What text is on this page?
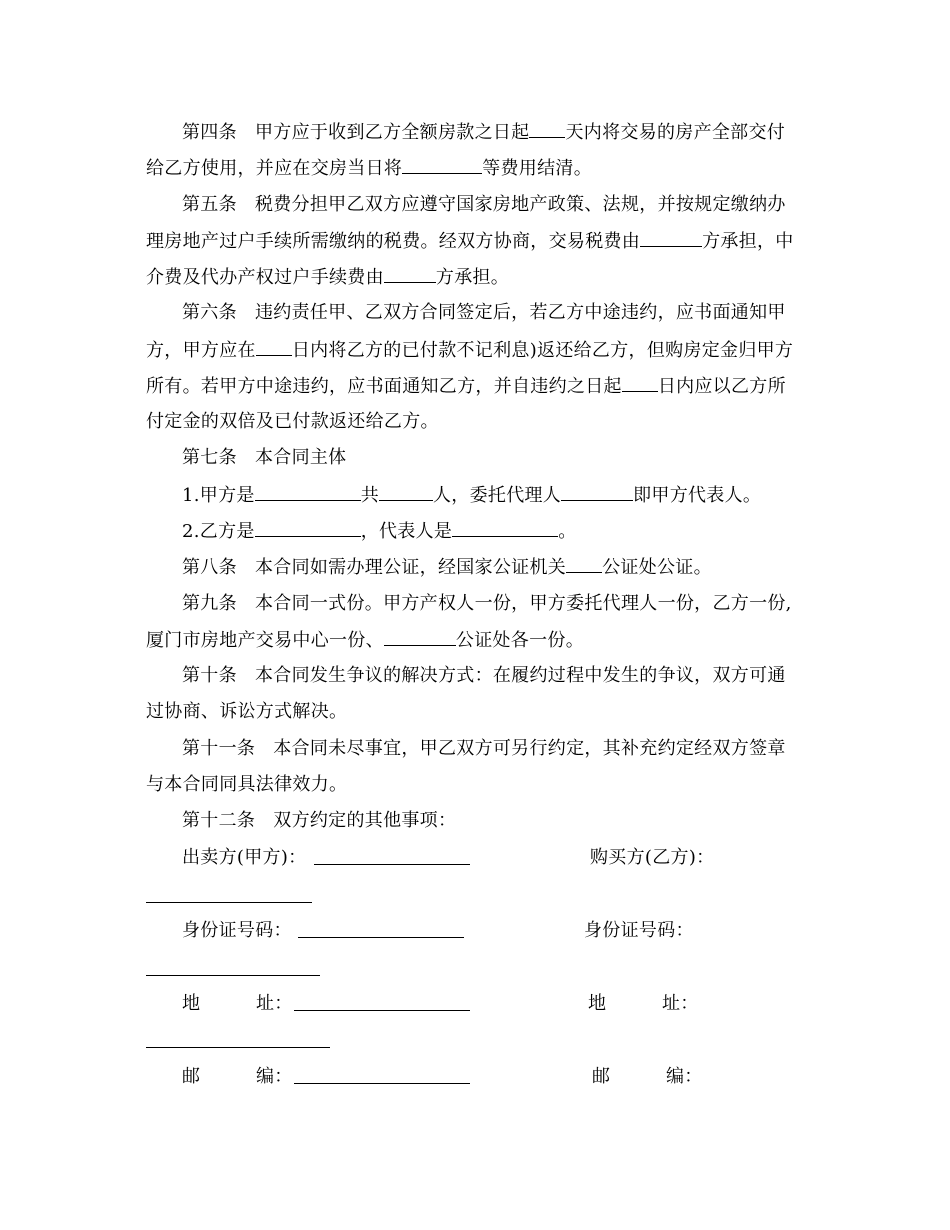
第四条 甲方应于收到乙方全额房款之日起 天内将交易的房产全部交付
给乙方使用，并应在交房当日将	等费用结清。
第五条 税费分担甲乙双方应遵守国家房地产政策、法规，并按规定缴纳办
理房地产过户手续所需缴纳的税费。经双方协商，交易税费由	方承担，中
介费及代办产权过户手续费由	方承担。
第六条 违约责任甲、乙双方合同签定后，若乙方中途违约，应书面通知甲
方，甲方应在 日内将乙方的已付款不记利息)返还给乙方，但购房定金归甲方
所有。若甲方中途违约，应书面通知乙方，并自违约之日起 日内应以乙方所
付定金的双倍及已付款返还给乙方。
第七条 本合同主体
1.甲方是	共	人，委托代理人	即甲方代表人。
2.乙方是	，代表人是	。
第八条 本合同如需办理公证，经国家公证机关 公证处公证。
第九条 本合同一式份。甲方产权人一份，甲方委托代理人一份，乙方一份,
厦门市房地产交易中心一份、	公证处各一份。
第十条 本合同发生争议的解决方式：在履约过程中发生的争议，双方可通
过协商、诉讼方式解决。
第十一条 本合同未尽事宜，甲乙双方可另行约定，其补充约定经双方签章
与本合同同具法律效力。
第十二条 双方约定的其他事项：
出卖方(甲方)：	购买方(乙方)：
身份证号码：	身份证号码：
地	址：	地	址：
邮	编：	邮	编：
